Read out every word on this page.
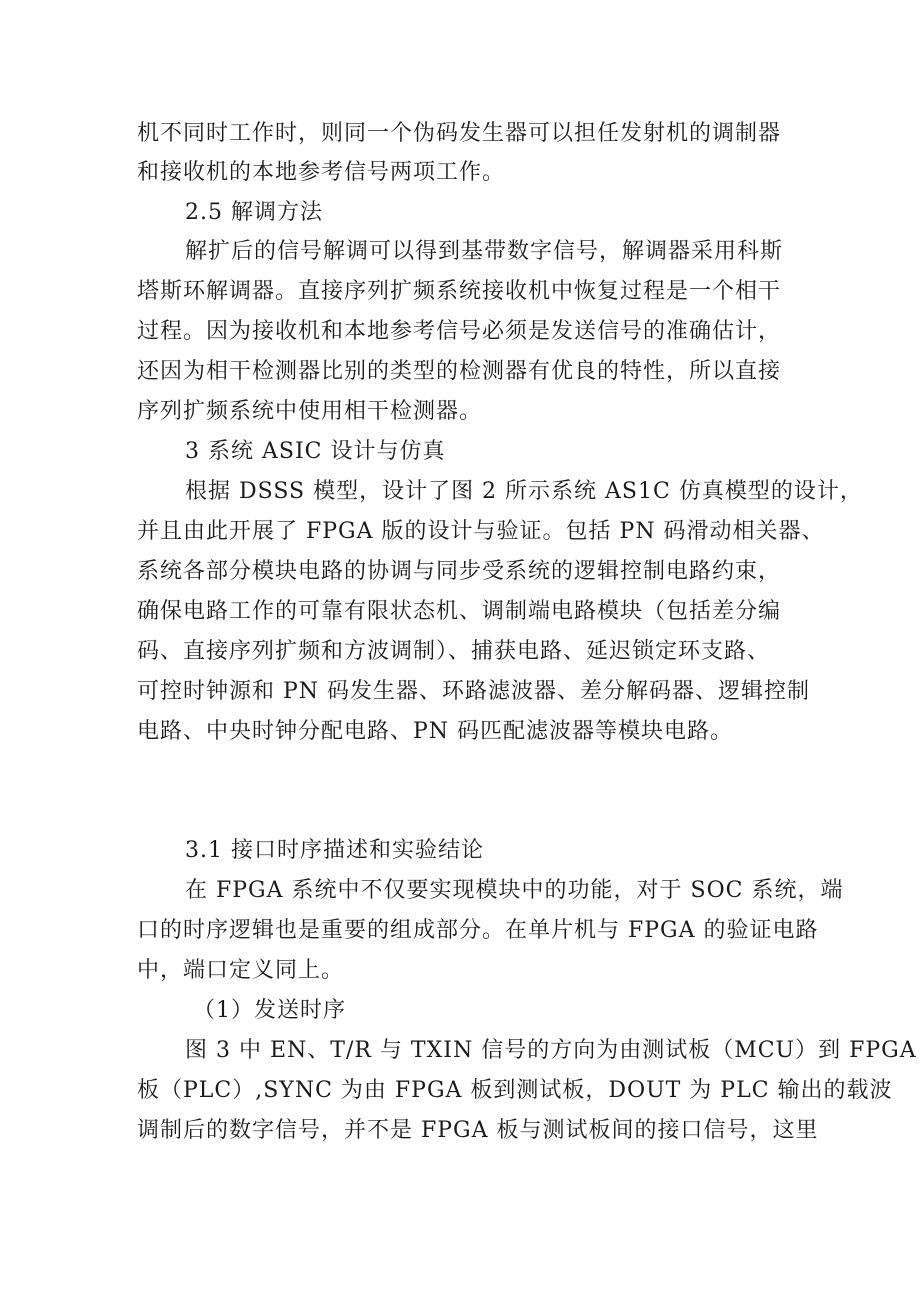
机不同时工作时，则同一个伪码发生器可以担任发射机的调制器
和接收机的本地参考信号两项工作。
2.5 解调方法
解扩后的信号解调可以得到基带数字信号，解调器采用科斯
塔斯环解调器。直接序列扩频系统接收机中恢复过程是一个相干
过程。因为接收机和本地参考信号必须是发送信号的准确估计，
还因为相干检测器比别的类型的检测器有优良的特性，所以直接
序列扩频系统中使用相干检测器。
3 系统 ASIC 设计与仿真
根据 DSSS 模型，设计了图 2 所示系统 AS1C 仿真模型的设计，
并且由此开展了 FPGA 版的设计与验证。包括 PN 码滑动相关器、
系统各部分模块电路的协调与同步受系统的逻辑控制电路约束，
确保电路工作的可靠有限状态机、调制端电路模块（包括差分编
码、直接序列扩频和方波调制）、捕获电路、延迟锁定环支路、
可控时钟源和 PN 码发生器、环路滤波器、差分解码器、逻辑控制
电路、中央时钟分配电路、PN 码匹配滤波器等模块电路。
3.1 接口时序描述和实验结论
在 FPGA 系统中不仅要实现模块中的功能，对于 SOC 系统，端
口的时序逻辑也是重要的组成部分。在单片机与 FPGA 的验证电路
中，端口定义同上。
（1）发送时序
图 3 中 EN、T/R 与 TXIN 信号的方向为由测试板（MCU）到 FPGA
板（PLC）,SYNC 为由 FPGA 板到测试板，DOUT 为 PLC 输出的载波
调制后的数字信号，并不是 FPGA 板与测试板间的接口信号，这里
